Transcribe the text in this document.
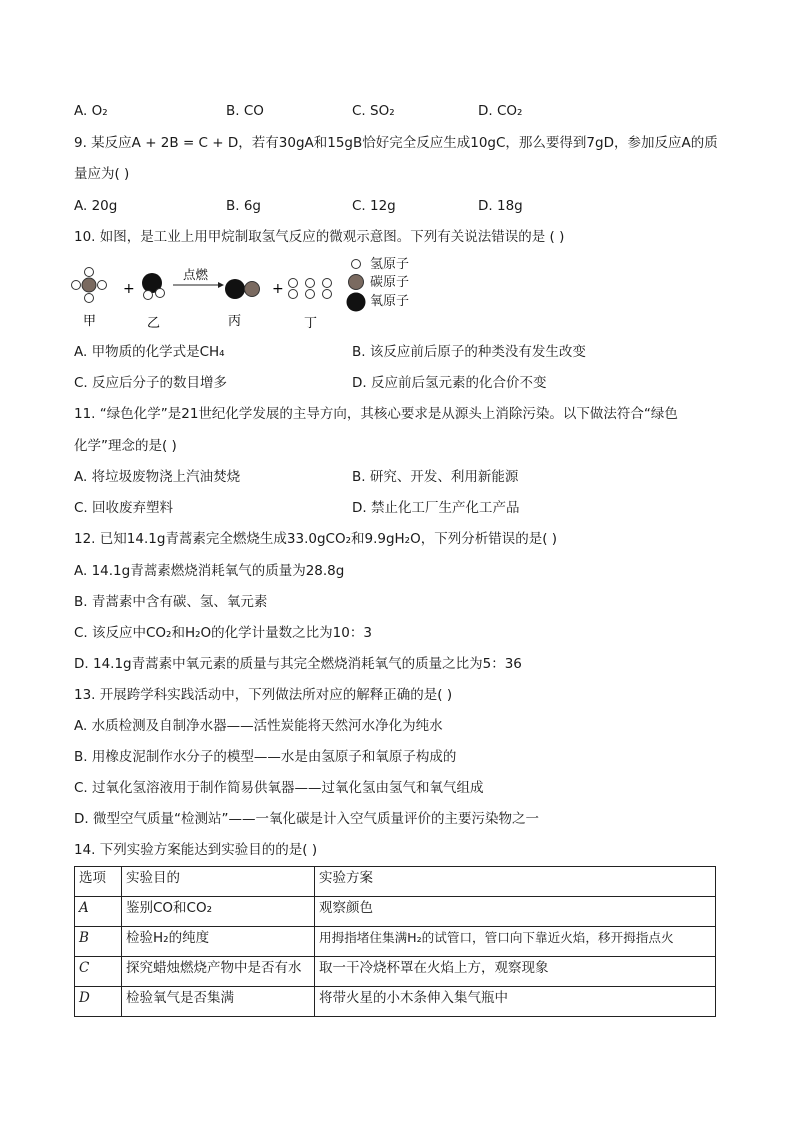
A. O₂	B. CO	C. SO₂	D. CO₂
9. 某反应A + 2B = C + D，若有30gA和15gB恰好完全反应生成10gC，那么要得到7gD，参加反应A的质
量应为( )
A. 20g	B. 6g	C. 12g	D. 18g
10. 如图，是工业上用甲烷制取氢气反应的微观示意图。下列有关说法错误的是 ( )
+
点燃
+
甲	乙	丙	丁
氢原子
碳原子
氧原子
A. 甲物质的化学式是CH₄	B. 该反应前后原子的种类没有发生改变
C. 反应后分子的数目增多	D. 反应前后氢元素的化合价不变
11. “绿色化学”是21世纪化学发展的主导方向，其核心要求是从源头上消除污染。以下做法符合“绿色
化学”理念的是( )
A. 将垃圾废物浇上汽油焚烧	B. 研究、开发、利用新能源
C. 回收废弃塑料	D. 禁止化工厂生产化工产品
12. 已知14.1g青蒿素完全燃烧生成33.0gCO₂和9.9gH₂O，下列分析错误的是( )
A. 14.1g青蒿素燃烧消耗氧气的质量为28.8g
B. 青蒿素中含有碳、氢、氧元素
C. 该反应中CO₂和H₂O的化学计量数之比为10：3
D. 14.1g青蒿素中氧元素的质量与其完全燃烧消耗氧气的质量之比为5：36
13. 开展跨学科实践活动中，下列做法所对应的解释正确的是( )
A. 水质检测及自制净水器——活性炭能将天然河水净化为纯水
B. 用橡皮泥制作水分子的模型——水是由氢原子和氧原子构成的
C. 过氧化氢溶液用于制作简易供氧器——过氧化氢由氢气和氧气组成
D. 微型空气质量“检测站”——一氧化碳是计入空气质量评价的主要污染物之一
14. 下列实验方案能达到实验目的的是( )
选项	实验目的	实验方案
A	鉴别CO和CO₂	观察颜色
B	检验H₂的纯度	用拇指堵住集满H₂的试管口，管口向下靠近火焰，移开拇指点火
C	探究蜡烛燃烧产物中是否有水	取一干冷烧杯罩在火焰上方，观察现象
D	检验氧气是否集满	将带火星的小木条伸入集气瓶中
